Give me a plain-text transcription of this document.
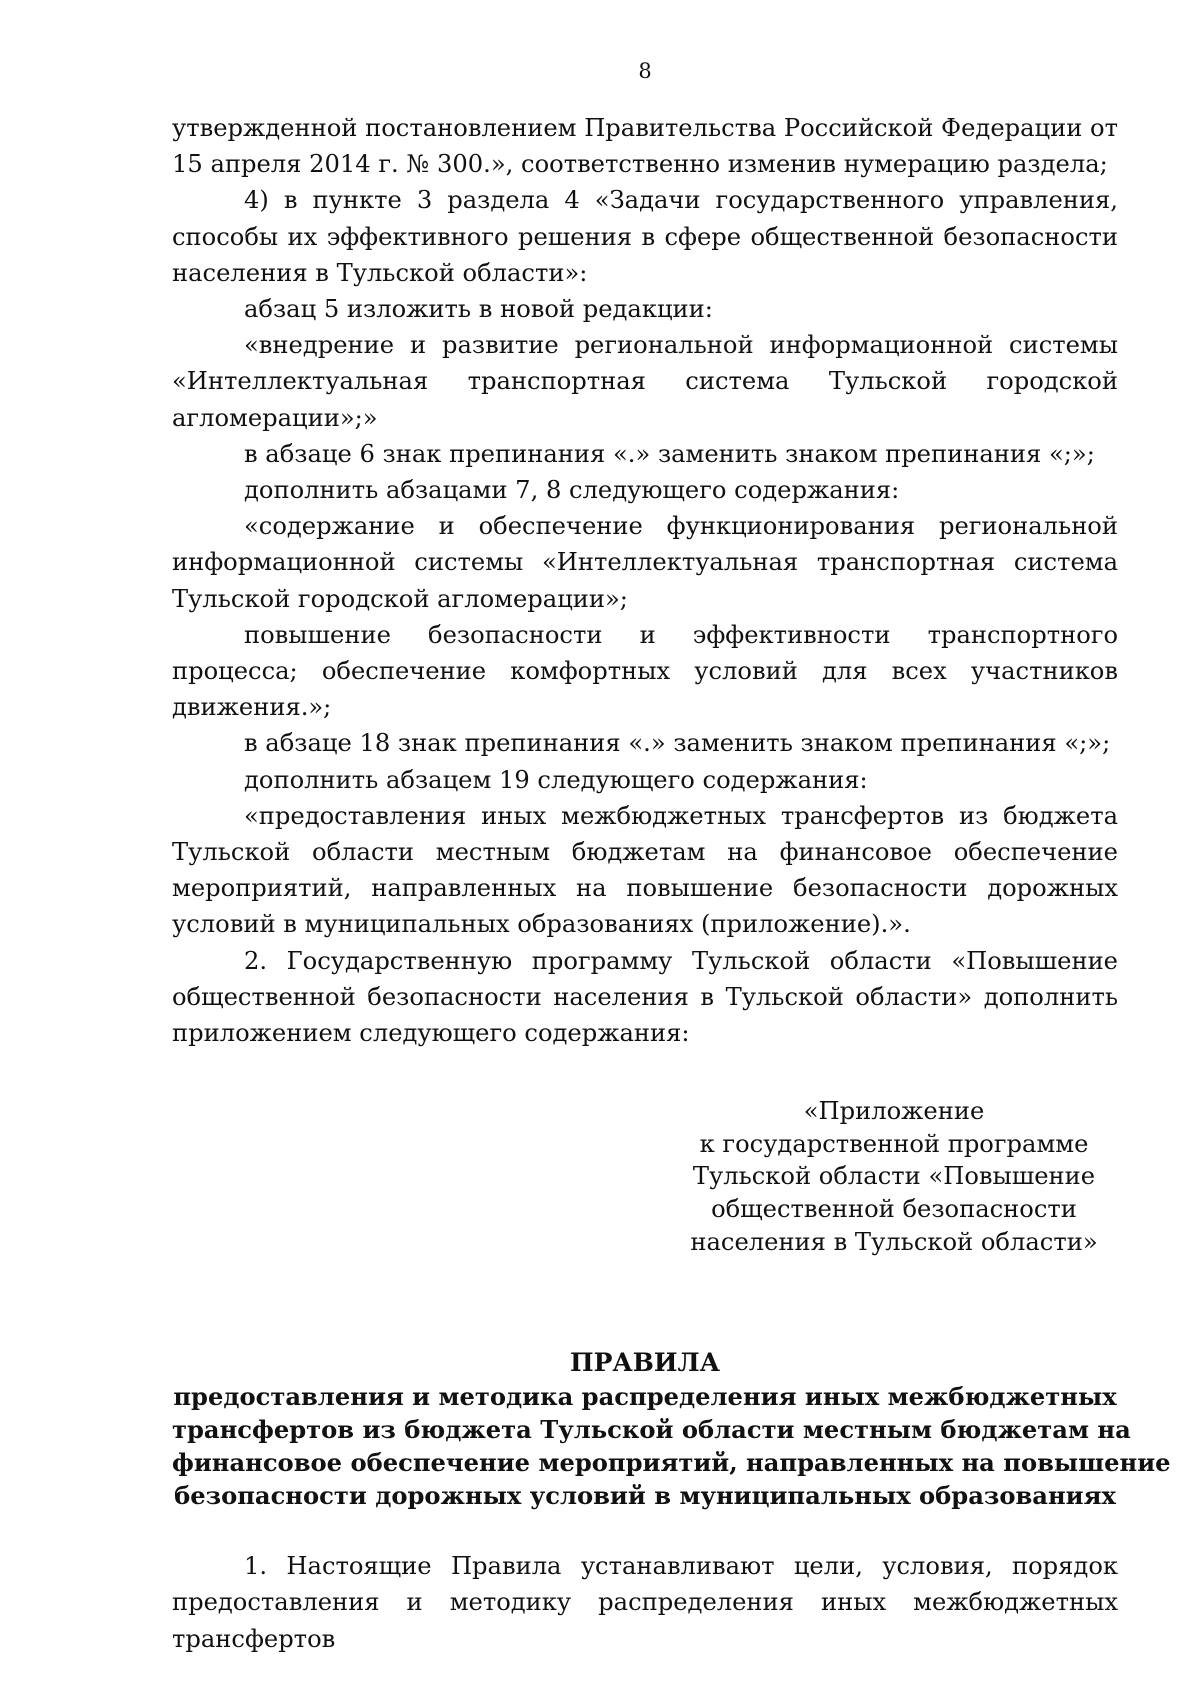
8

утвержденной постановлением Правительства Российской Федерации от 15 апреля 2014 г. № 300.», соответственно изменив нумерацию раздела;

4) в пункте 3 раздела 4 «Задачи государственного управления, способы их эффективного решения в сфере общественной безопасности населения в Тульской области»:

абзац 5 изложить в новой редакции:

«внедрение и развитие региональной информационной системы «Интеллектуальная транспортная система Тульской городской агломерации»;»

в абзаце 6 знак препинания «.» заменить знаком препинания «;»;

дополнить абзацами 7, 8 следующего содержания:

«содержание и обеспечение функционирования региональной информационной системы «Интеллектуальная транспортная система Тульской городской агломерации»;

повышение безопасности и эффективности транспортного процесса; обеспечение комфортных условий для всех участников движения.»;

в абзаце 18 знак препинания «.» заменить знаком препинания «;»;

дополнить абзацем 19 следующего содержания:

«предоставления иных межбюджетных трансфертов из бюджета Тульской области местным бюджетам на финансовое обеспечение мероприятий, направленных на повышение безопасности дорожных условий в муниципальных образованиях (приложение).».

2. Государственную программу Тульской области «Повышение общественной безопасности населения в Тульской области» дополнить приложением следующего содержания:

«Приложение
к государственной программе
Тульской области «Повышение
общественной безопасности
населения в Тульской области»
ПРАВИЛА
предоставления и методика распределения иных межбюджетных
трансфертов из бюджета Тульской области местным бюджетам на
финансовое обеспечение мероприятий, направленных на повышение
безопасности дорожных условий в муниципальных образованиях

1. Настоящие Правила устанавливают цели, условия, порядок предоставления и методику распределения иных межбюджетных трансфертов
